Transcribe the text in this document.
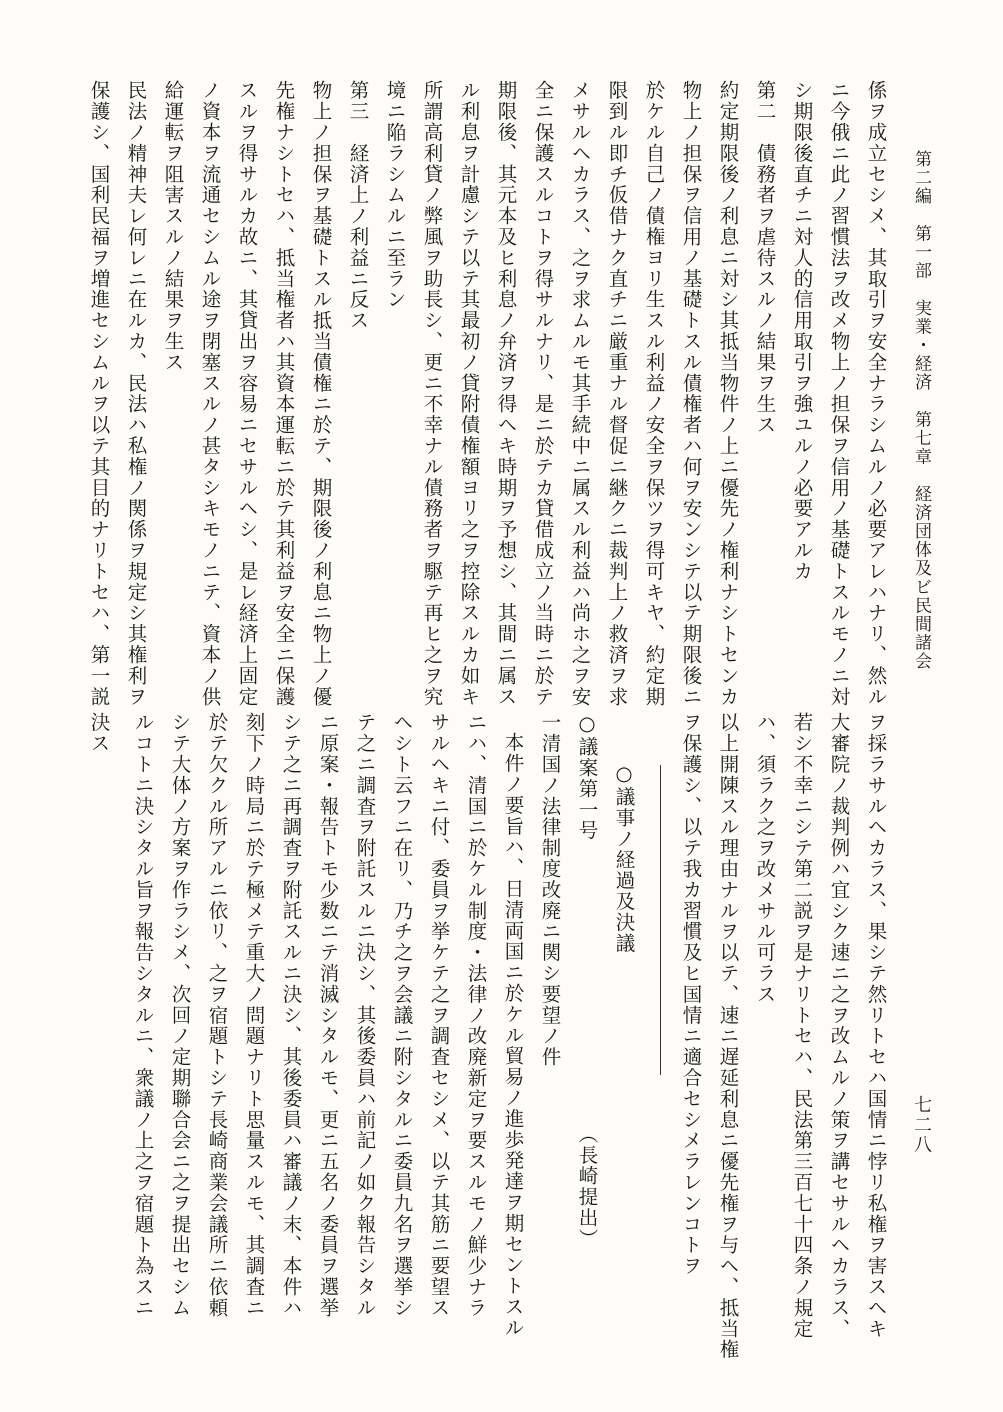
第二編　第一部　実業・経済　第七章　経済団体及ビ民間諸会
七二八
係ヲ成立セシメ、其取引ヲ安全ナラシムルノ必要アレハナリ、然ル
ニ今俄ニ此ノ習慣法ヲ改メ物上ノ担保ヲ信用ノ基礎トスルモノニ対
シ期限後直チニ対人的信用取引ヲ強ユルノ必要アルカ
第二　債務者ヲ虐待スルノ結果ヲ生ス
約定期限後ノ利息ニ対シ其抵当物件ノ上ニ優先ノ権利ナシトセンカ
物上ノ担保ヲ信用ノ基礎トスル債権者ハ何ヲ安ンシテ以テ期限後ニ
於ケル自己ノ債権ヨリ生スル利益ノ安全ヲ保ツヲ得可キヤ、約定期
限到ル即チ仮借ナク直チニ厳重ナル督促ニ継クニ裁判上ノ救済ヲ求
メサルヘカラス、之ヲ求ムルモ其手続中ニ属スル利益ハ尚ホ之ヲ安
全ニ保護スルコトヲ得サルナリ、是ニ於テカ貸借成立ノ当時ニ於テ
期限後、其元本及ヒ利息ノ弁済ヲ得ヘキ時期ヲ予想シ、其間ニ属ス
ル利息ヲ計慮シテ以テ其最初ノ貸附債権額ヨリ之ヲ控除スルカ如キ
所謂高利貸ノ弊風ヲ助長シ、更ニ不幸ナル債務者ヲ駆テ再ヒ之ヲ究
境ニ陥ラシムルニ至ラン
第三　経済上ノ利益ニ反ス
物上ノ担保ヲ基礎トスル抵当債権ニ於テ、期限後ノ利息ニ物上ノ優
先権ナシトセハ、抵当権者ハ其資本運転ニ於テ其利益ヲ安全ニ保護
スルヲ得サルカ故ニ、其貸出ヲ容易ニセサルヘシ、是レ経済上固定
ノ資本ヲ流通セシムル途ヲ閉塞スルノ甚タシキモノニテ、資本ノ供
給運転ヲ阻害スルノ結果ヲ生ス
民法ノ精神夫レ何レニ在ルカ、民法ハ私権ノ関係ヲ規定シ其権利ヲ
保護シ、国利民福ヲ増進セシムルヲ以テ其目的ナリトセハ、第一説
ヲ採ラサルヘカラス、果シテ然リトセハ国情ニ悖リ私権ヲ害スヘキ
大審院ノ裁判例ハ宜シク速ニ之ヲ改ムルノ策ヲ講セサルヘカラス、
若シ不幸ニシテ第二説ヲ是ナリトセハ、民法第三百七十四条ノ規定
ハ、須ラク之ヲ改メサル可ラス
以上開陳スル理由ナルヲ以テ、速ニ遅延利息ニ優先権ヲ与ヘ、抵当権
ヲ保護シ、以テ我カ習慣及ヒ国情ニ適合セシメラレンコトヲ
○議事ノ経過及決議
○議案第一号　　　　　　　　　　　　　　（長崎提出）
一清国ノ法律制度改廃ニ関シ要望ノ件
本件ノ要旨ハ、日清両国ニ於ケル貿易ノ進歩発達ヲ期セントスル
ニハ、清国ニ於ケル制度・法律ノ改廃新定ヲ要スルモノ鮮少ナラ
サルヘキニ付、委員ヲ挙ケテ之ヲ調査セシメ、以テ其筋ニ要望ス
ヘシト云フニ在リ、乃チ之ヲ会議ニ附シタルニ委員九名ヲ選挙シ
テ之ニ調査ヲ附託スルニ決シ、其後委員ハ前記ノ如ク報告シタル
ニ原案・報告トモ少数ニテ消滅シタルモ、更ニ五名ノ委員ヲ選挙
シテ之ニ再調査ヲ附託スルニ決シ、其後委員ハ審議ノ末、本件ハ
刻下ノ時局ニ於テ極メテ重大ノ問題ナリト思量スルモ、其調査ニ
於テ欠クル所アルニ依リ、之ヲ宿題トシテ長崎商業会議所ニ依頼
シテ大体ノ方案ヲ作ラシメ、次回ノ定期聯合会ニ之ヲ提出セシム
ルコトニ決シタル旨ヲ報告シタルニ、衆議ノ上之ヲ宿題ト為スニ
決ス
